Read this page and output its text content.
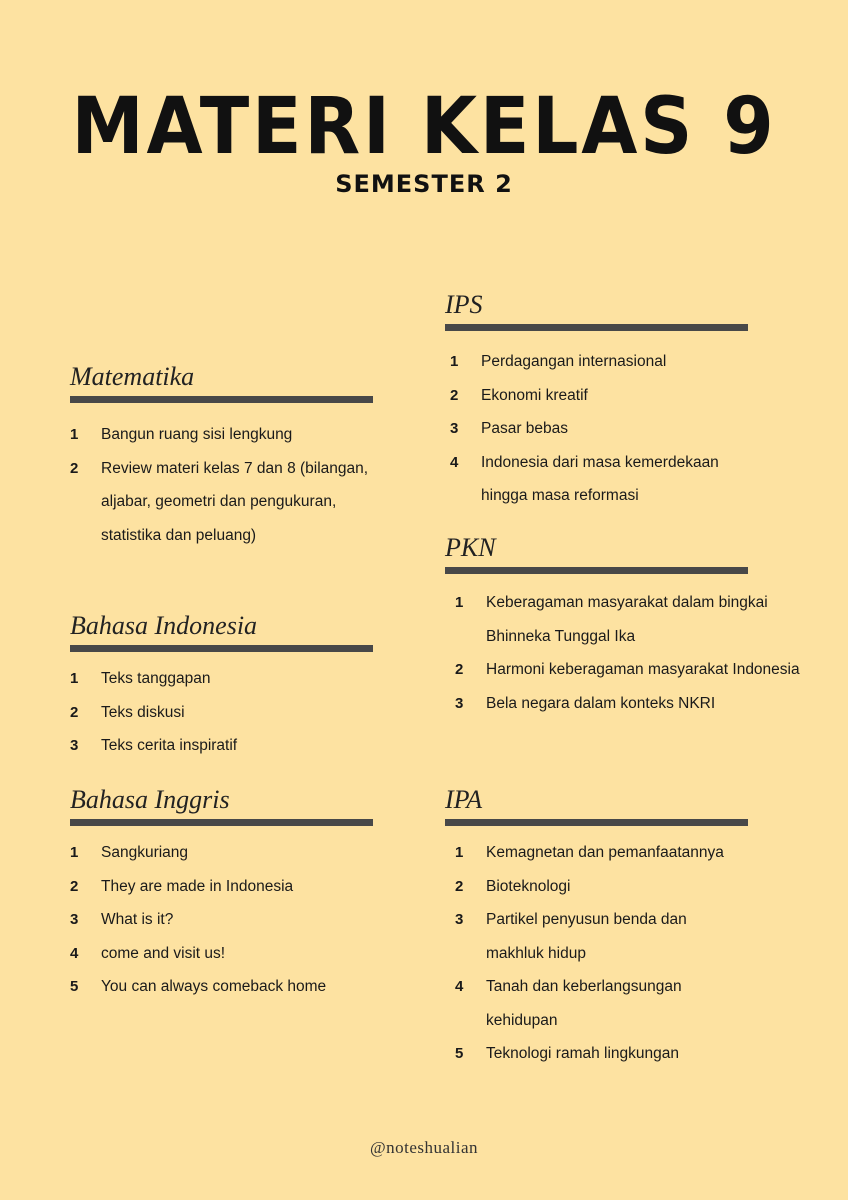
MATERI KELAS 9
SEMESTER 2
Matematika
1 Bangun ruang sisi lengkung
2 Review materi kelas 7 dan 8 (bilangan, aljabar, geometri dan pengukuran, statistika dan peluang)
Bahasa Indonesia
1 Teks tanggapan
2 Teks diskusi
3 Teks cerita inspiratif
Bahasa Inggris
1 Sangkuriang
2 They are made in Indonesia
3 What is it?
4 come and visit us!
5 You can always comeback home
IPS
1 Perdagangan internasional
2 Ekonomi kreatif
3 Pasar bebas
4 Indonesia dari masa kemerdekaan hingga masa reformasi
PKN
1 Keberagaman masyarakat dalam bingkai Bhinneka Tunggal Ika
2 Harmoni keberagaman masyarakat Indonesia
3 Bela negara dalam konteks NKRI
IPA
1 Kemagnetan dan pemanfaatannya
2 Bioteknologi
3 Partikel penyusun benda dan makhluk hidup
4 Tanah dan keberlangsungan kehidupan
5 Teknologi ramah lingkungan
@noteshualian
